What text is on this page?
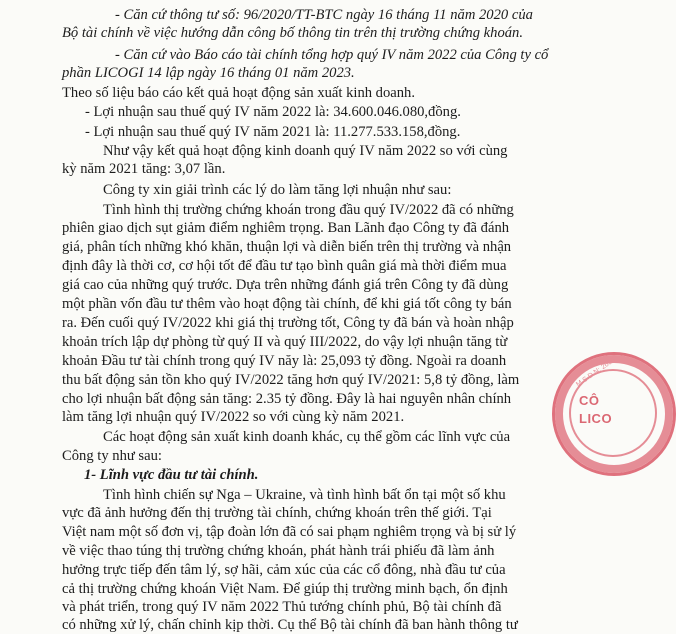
- Căn cứ thông tư số: 96/2020/TT-BTC ngày 16 tháng 11 năm 2020 của
Bộ tài chính về việc hướng dẫn công bố thông tin trên thị trường chứng khoán.
- Căn cứ vào Báo cáo tài chính tổng hợp quý IV năm 2022 của Công ty cổ
phần LICOGI 14 lập ngày 16 tháng 01 năm 2023.
Theo số liệu báo cáo kết quả hoạt động sản xuất kinh doanh.
- Lợi nhuận sau thuế quý IV năm 2022 là: 34.600.046.080,đồng.
- Lợi nhuận sau thuế quý IV năm 2021 là: 11.277.533.158,đồng.
Như vậy kết quả hoạt động kinh doanh quý IV năm 2022 so với cùng
kỳ năm 2021 tăng: 3,07 lần.
Công ty xin giải trình các lý do làm tăng lợi nhuận như sau:
Tình hình thị trường chứng khoán trong đầu quý IV/2022 đã có những
phiên giao dịch sụt giảm điểm nghiêm trọng. Ban Lãnh đạo Công ty đã đánh
giá, phân tích những khó khăn, thuận lợi và diễn biến trên thị trường và nhận
định đây là thời cơ, cơ hội tốt để đầu tư tạo bình quân giá mà thời điểm mua
giá cao của những quý trước. Dựa trên những đánh giá trên Công ty đã dùng
một phần vốn đầu tư thêm vào hoạt động tài chính, để khi giá tốt công ty bán
ra. Đến cuối quý IV/2022 khi giá thị trường tốt, Công ty đã bán và hoàn nhập
khoản trích lập dự phòng từ quý II và quý III/2022, do vậy lợi nhuận tăng từ
khoản Đầu tư tài chính trong quý IV năy là: 25,093 tỷ đồng. Ngoài ra doanh
thu bất động sản tồn kho quý IV/2022 tăng hơn quý IV/2021: 5,8 tỷ đồng, làm
cho lợi nhuận bất động sản tăng: 2.35 tỷ đồng. Đây là hai nguyên nhân chính
làm tăng lợi nhuận quý IV/2022 so với cùng kỳ năm 2021.
Các hoạt động sản xuất kinh doanh khác, cụ thể gồm các lĩnh vực của
Công ty như sau:
1- Lĩnh vực đầu tư tài chính.
Tình hình chiến sự Nga – Ukraine, và tình hình bất ổn tại một số khu
vực đã ảnh hưởng đến thị trường tài chính, chứng khoán trên thế giới. Tại
Việt nam một số đơn vị, tập đoàn lớn đã có sai phạm nghiêm trọng và bị sử lý
về việc thao túng thị trường chứng khoán, phát hành trái phiếu đã làm ảnh
hưởng trực tiếp đến tâm lý, sợ hãi, cảm xúc của các cổ đông, nhà đầu tư của
cả thị trường chứng khoán Việt Nam. Để giúp thị trường minh bạch, ổn định
và phát triển, trong quý IV năm 2022 Thủ tướng chính phủ, Bộ tài chính đã
có những xử lý, chấn chỉnh kịp thời. Cụ thể Bộ tài chính đã ban hành thông tư
M.S.D.N: 2600
CÔ
LICO
